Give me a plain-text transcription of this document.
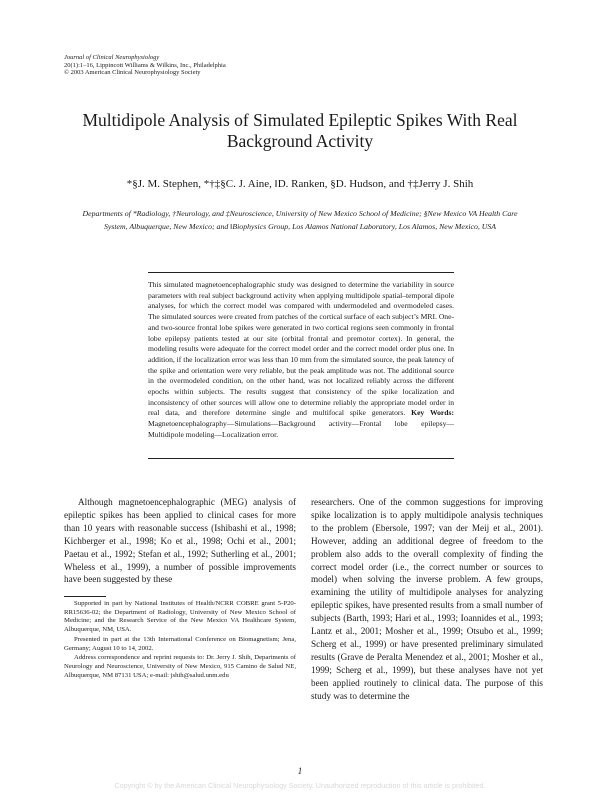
Journal of Clinical Neurophysiology
20(1):1–16, Lippincott Williams & Wilkins, Inc., Philadelphia
© 2003 American Clinical Neurophysiology Society
Multidipole Analysis of Simulated Epileptic Spikes With Real Background Activity
*§J. M. Stephen, *†‡§C. J. Aine, ‖D. Ranken, §D. Hudson, and †‡Jerry J. Shih
Departments of *Radiology, †Neurology, and ‡Neuroscience, University of New Mexico School of Medicine; §New Mexico VA Health Care System, Albuquerque, New Mexico; and ‖Biophysics Group, Los Alamos National Laboratory, Los Alamos, New Mexico, USA
This simulated magnetoencephalographic study was designed to determine the variability in source parameters with real subject background activity when applying multidipole spatial–temporal dipole analyses, for which the correct model was compared with undermodeled and overmodeled cases. The simulated sources were created from patches of the cortical surface of each subject’s MRI. One- and two-source frontal lobe spikes were generated in two cortical regions seen commonly in frontal lobe epilepsy patients tested at our site (orbital frontal and premotor cortex). In general, the modeling results were adequate for the correct model order and the correct model order plus one. In addition, if the localization error was less than 10 mm from the simulated source, the peak latency of the spike and orientation were very reliable, but the peak amplitude was not. The additional source in the overmodeled condition, on the other hand, was not localized reliably across the different epochs within subjects. The results suggest that consistency of the spike localization and inconsistency of other sources will allow one to determine reliably the appropriate model order in real data, and therefore determine single and multifocal spike generators. Key Words: Magnetoencephalography—Simulations—Background activity—Frontal lobe epilepsy—Multidipole modeling—Localization error.

Although magnetoencephalographic (MEG) analysis of epileptic spikes has been applied to clinical cases for more than 10 years with reasonable success (Ishibashi et al., 1998; Kichberger et al., 1998; Ko et al., 1998; Ochi et al., 2001; Paetau et al., 1992; Stefan et al., 1992; Sutherling et al., 2001; Wheless et al., 1999), a number of possible improvements have been suggested by these

Supported in part by National Institutes of Health/NCRR COBRE grant 5-P20-RR15636-02; the Department of Radiology, University of New Mexico School of Medicine; and the Research Service of the New Mexico VA Healthcare System, Albuquerque, NM, USA.

Presented in part at the 13th International Conference on Biomagnetism; Jena, Germany; August 10 to 14, 2002.

Address correspondence and reprint requests to: Dr. Jerry J. Shih, Departments of Neurology and Neuroscience, University of New Mexico, 915 Camino de Salud NE, Albuquerque, NM 87131 USA; e-mail: jshih@salud.unm.edu

researchers. One of the common suggestions for improving spike localization is to apply multidipole analysis techniques to the problem (Ebersole, 1997; van der Meij et al., 2001). However, adding an additional degree of freedom to the problem also adds to the overall complexity of finding the correct model order (i.e., the correct number or sources to model) when solving the inverse problem. A few groups, examining the utility of multidipole analyses for analyzing epileptic spikes, have presented results from a small number of subjects (Barth, 1993; Hari et al., 1993; Ioannides et al., 1993; Lantz et al., 2001; Mosher et al., 1999; Otsubo et al., 1999; Scherg et al., 1999) or have presented preliminary simulated results (Grave de Peralta Menendez et al., 2001; Mosher et al., 1999; Scherg et al., 1999), but these analyses have not yet been applied routinely to clinical data. The purpose of this study was to determine the

1
Copyright © by the American Clinical Neurophysiology Society. Unauthorized reproduction of this article is prohibited.
